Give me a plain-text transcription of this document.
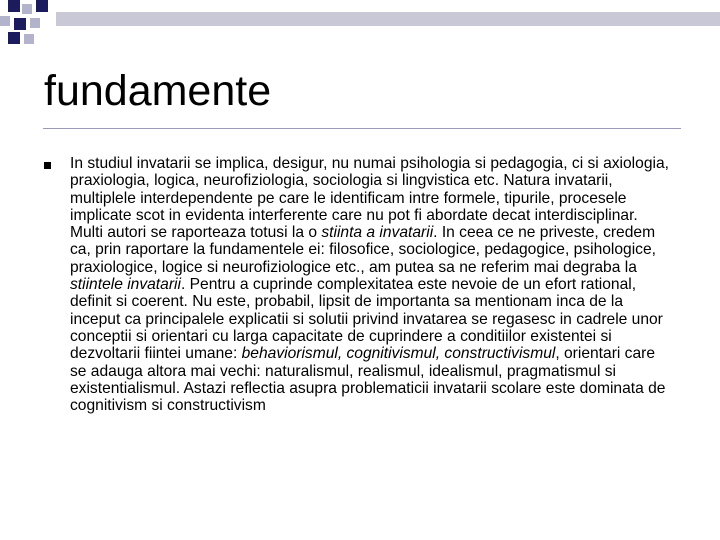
fundamente

In studiul invatarii se implica, desigur, nu numai psihologia si pedagogia, ci si axiologia, praxiologia, logica, neurofiziologia, sociologia si lingvistica etc. Natura invatarii, multiplele interdependente pe care le identificam intre formele, tipurile, procesele implicate scot in evidenta interferente care nu pot fi abordate decat interdisciplinar. Multi autori se raporteaza totusi la o stiinta a invatarii. In ceea ce ne priveste, credem ca, prin raportare la fundamentele ei: filosofice, sociologice, pedagogice, psihologice, praxiologice, logice si neurofiziologice etc., am putea sa ne referim mai degraba la stiintele invatarii. Pentru a cuprinde complexitatea este nevoie de un efort rational, definit si coerent. Nu este, probabil, lipsit de importanta sa mentionam inca de la inceput ca principalele explicatii si solutii privind invatarea se regasesc in cadrele unor conceptii si orientari cu larga capacitate de cuprindere a conditiilor existentei si dezvoltarii fiintei umane: behaviorismul, cognitivismul, constructivismul, orientari care se adauga altora mai vechi: naturalismul, realismul, idealismul, pragmatismul si existentialismul. Astazi reflectia asupra problematicii invatarii scolare este dominata de cognitivism si constructivism
